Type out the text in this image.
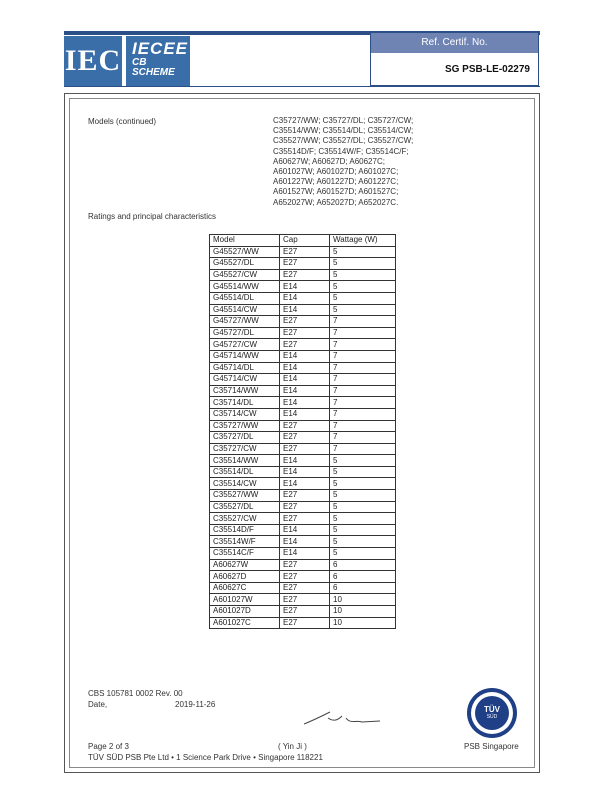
IEC IECEE
CB
SCHEME
Ref. Certif. No.
SG PSB-LE-02279
Models (continued)	C35727/WW; C35727/DL; C35727/CW;
C35514/WW; C35514/DL; C35514/CW;
C35527/WW; C35527/DL; C35527/CW;
C35514D/F; C35514W/F; C35514C/F;
A60627W; A60627D; A60627C;
A601027W; A601027D; A601027C;
A601227W; A601227D; A601227C;
A601527W; A601527D; A601527C;
A652027W; A652027D; A652027C.
Ratings and principal characteristics
Model	Cap	Wattage (W)
G45527/WW	E27	5
G45527/DL	E27	5
G45527/CW	E27	5
G45514/WW	E14	5
G45514/DL	E14	5
G45514/CW	E14	5
G45727/WW	E27	7
G45727/DL	E27	7
G45727/CW	E27	7
G45714/WW	E14	7
G45714/DL	E14	7
G45714/CW	E14	7
C35714/WW	E14	7
C35714/DL	E14	7
C35714/CW	E14	7
C35727/WW	E27	7
C35727/DL	E27	7
C35727/CW	E27	7
C35514/WW	E14	5
C35514/DL	E14	5
C35514/CW	E14	5
C35527/WW	E27	5
C35527/DL	E27	5
C35527/CW	E27	5
C35514D/F	E14	5
C35514W/F	E14	5
C35514C/F	E14	5
A60627W	E27	6
A60627D	E27	6
A60627C	E27	6
A601027W	E27	10
A601027D	E27	10
A601027C	E27	10
CBS 105781 0002 Rev. 00
Date,	2019-11-26
TÜV
SÜD
PSB Singapore
Page 2 of 3	( Yin Ji )
TÜV SÜD PSB Pte Ltd • 1 Science Park Drive • Singapore 118221
